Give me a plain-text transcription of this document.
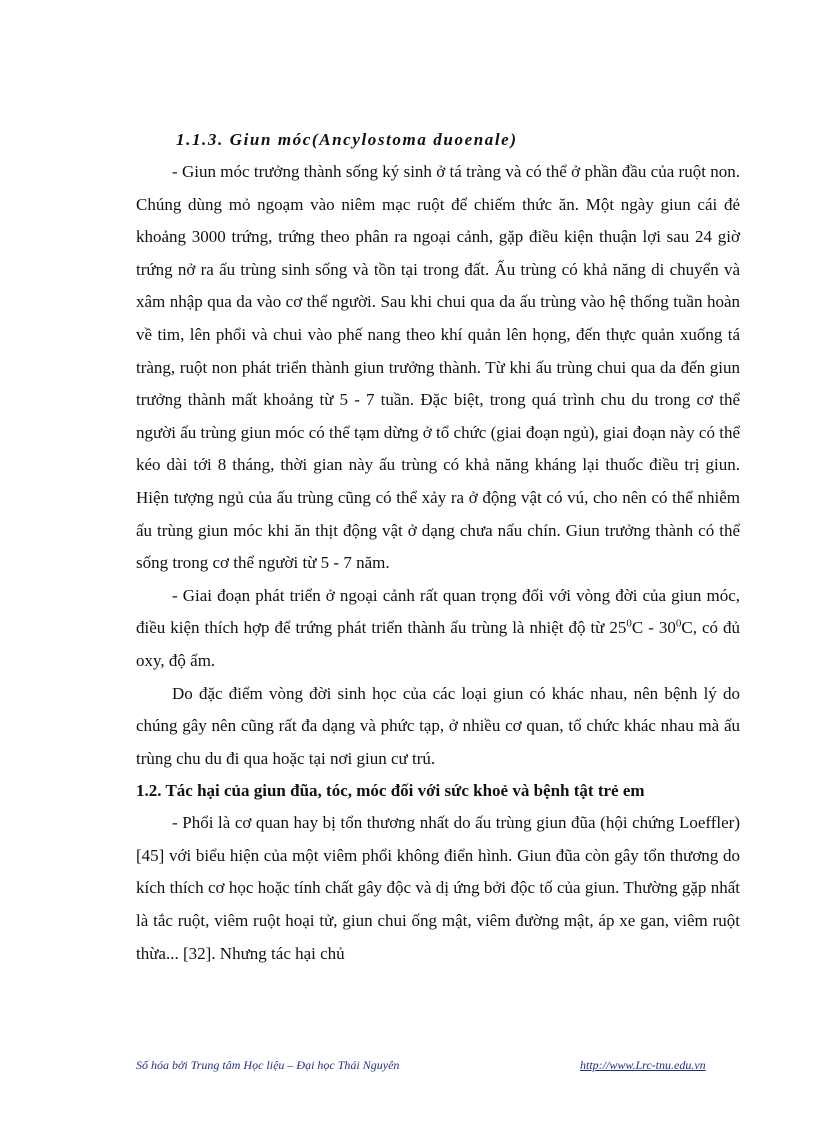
1.1.3. Giun móc(Ancylostoma duoenale)

- Giun móc trưởng thành sống ký sinh ở tá tràng và có thể ở phần đầu của ruột non. Chúng dùng mỏ ngoạm vào niêm mạc ruột để chiếm thức ăn. Một ngày giun cái đẻ khoảng 3000 trứng, trứng theo phân ra ngoại cảnh, gặp điều kiện thuận lợi sau 24 giờ trứng nở ra ấu trùng sinh sống và tồn tại trong đất. Ấu trùng có khả năng di chuyển và xâm nhập qua da vào cơ thể người. Sau khi chui qua da ấu trùng vào hệ thống tuần hoàn về tim, lên phổi và chui vào phế nang theo khí quản lên họng, đến thực quản xuống tá tràng, ruột non phát triển thành giun trưởng thành. Từ khi ấu trùng chui qua da đến giun trưởng thành mất khoảng từ 5 - 7 tuần. Đặc biệt, trong quá trình chu du trong cơ thể người ấu trùng giun móc có thể tạm dừng ở tổ chức (giai đoạn ngủ), giai đoạn này có thể kéo dài tới 8 tháng, thời gian này ấu trùng có khả năng kháng lại thuốc điều trị giun. Hiện tượng ngủ của ấu trùng cũng có thể xảy ra ở động vật có vú, cho nên có thể nhiễm ấu trùng giun móc khi ăn thịt động vật ở dạng chưa nấu chín. Giun trưởng thành có thể sống trong cơ thể người từ 5 - 7 năm.

- Giai đoạn phát triển ở ngoại cảnh rất quan trọng đối với vòng đời của giun móc, điều kiện thích hợp để trứng phát triển thành ấu trùng là nhiệt độ từ $25^0C - 30^0C$, có đủ oxy, độ ẩm.

Do đặc điểm vòng đời sinh học của các loại giun có khác nhau, nên bệnh lý do chúng gây nên cũng rất đa dạng và phức tạp, ở nhiều cơ quan, tổ chức khác nhau mà ấu trùng chu du đi qua hoặc tại nơi giun cư trú.

1.2. Tác hại của giun đũa, tóc, móc đối với sức khoẻ và bệnh tật trẻ em

- Phổi là cơ quan hay bị tổn thương nhất do ấu trùng giun đũa (hội chứng Loeffler) [45] với biểu hiện của một viêm phổi không điển hình. Giun đũa còn gây tổn thương do kích thích cơ học hoặc tính chất gây độc và dị ứng bởi độc tố của giun. Thường gặp nhất là tắc ruột, viêm ruột hoại tử, giun chui ống mật, viêm đường mật, áp xe gan, viêm ruột thừa... [32]. Nhưng tác hại chủ

Số hóa bởi Trung tâm Học liệu – Đại học Thái Nguyên	http://www.Lrc-tnu.edu.vn
